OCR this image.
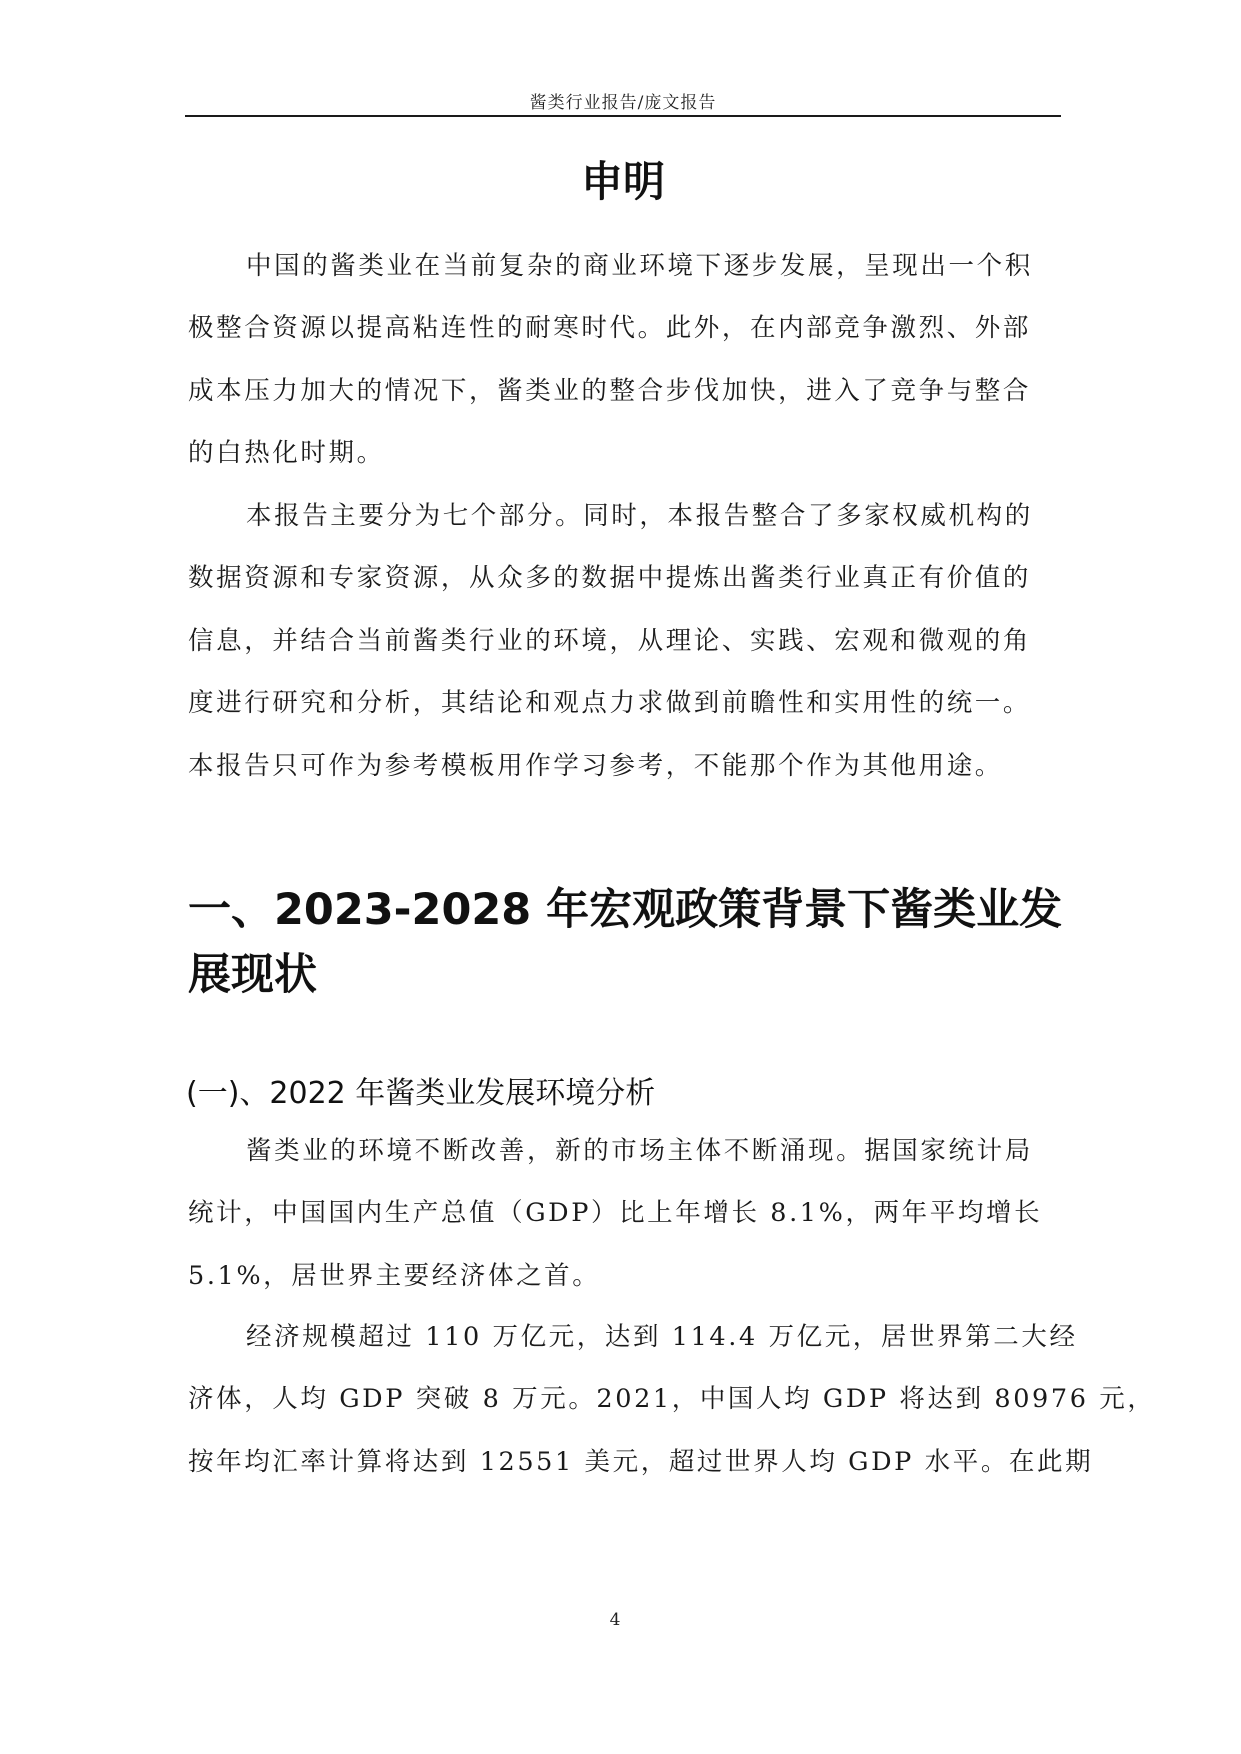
酱类行业报告/庞文报告
申明
中国的酱类业在当前复杂的商业环境下逐步发展，呈现出一个积
极整合资源以提高粘连性的耐寒时代。此外，在内部竞争激烈、外部
成本压力加大的情况下，酱类业的整合步伐加快，进入了竞争与整合
的白热化时期。
本报告主要分为七个部分。同时，本报告整合了多家权威机构的
数据资源和专家资源，从众多的数据中提炼出酱类行业真正有价值的
信息，并结合当前酱类行业的环境，从理论、实践、宏观和微观的角
度进行研究和分析，其结论和观点力求做到前瞻性和实用性的统一。
本报告只可作为参考模板用作学习参考，不能那个作为其他用途。
一、2023-2028 年宏观政策背景下酱类业发
展现状
(一)、2022 年酱类业发展环境分析
酱类业的环境不断改善，新的市场主体不断涌现。据国家统计局
统计，中国国内生产总值（GDP）比上年增长 8.1%，两年平均增长
5.1%，居世界主要经济体之首。
经济规模超过 110 万亿元，达到 114.4 万亿元，居世界第二大经
济体，人均 GDP 突破 8 万元。2021，中国人均 GDP 将达到 80976 元，
按年均汇率计算将达到 12551 美元，超过世界人均 GDP 水平。在此期
4
